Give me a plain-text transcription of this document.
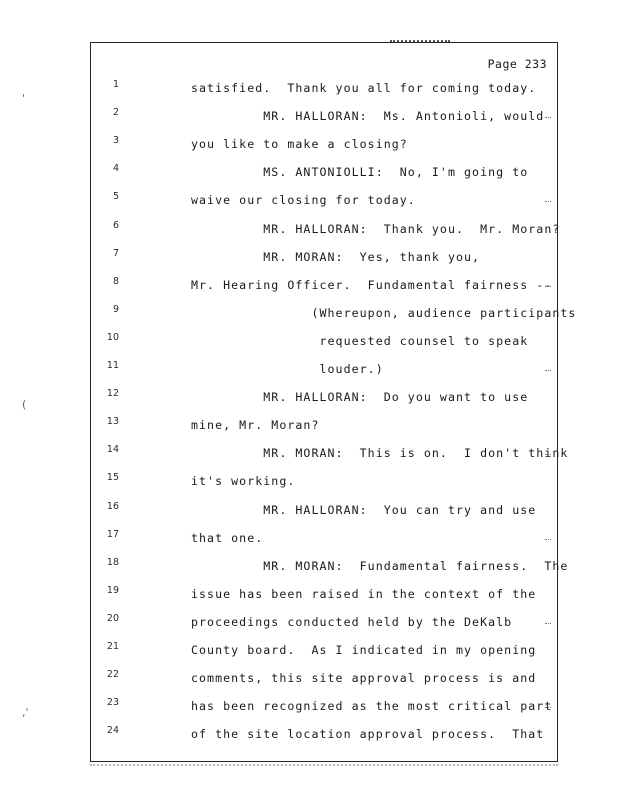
'
(
,'
Page 233
1	satisfied.  Thank you all for coming today.
2	MR. HALLORAN:  Ms. Antonioli, would
3	you like to make a closing?
4	MS. ANTONIOLLI:  No, I'm going to
5	waive our closing for today.
6	MR. HALLORAN:  Thank you.  Mr. Moran?
7	MR. MORAN:  Yes, thank you,
8	Mr. Hearing Officer.  Fundamental fairness --
9	(Whereupon, audience participants
10	requested counsel to speak
11	louder.)
12	MR. HALLORAN:  Do you want to use
13	mine, Mr. Moran?
14	MR. MORAN:  This is on.  I don't think
15	it's working.
16	MR. HALLORAN:  You can try and use
17	that one.
18	MR. MORAN:  Fundamental fairness.  The
19	issue has been raised in the context of the
20	proceedings conducted held by the DeKalb
21	County board.  As I indicated in my opening
22	comments, this site approval process is and
23	has been recognized as the most critical part
24	of the site location approval process.  That
